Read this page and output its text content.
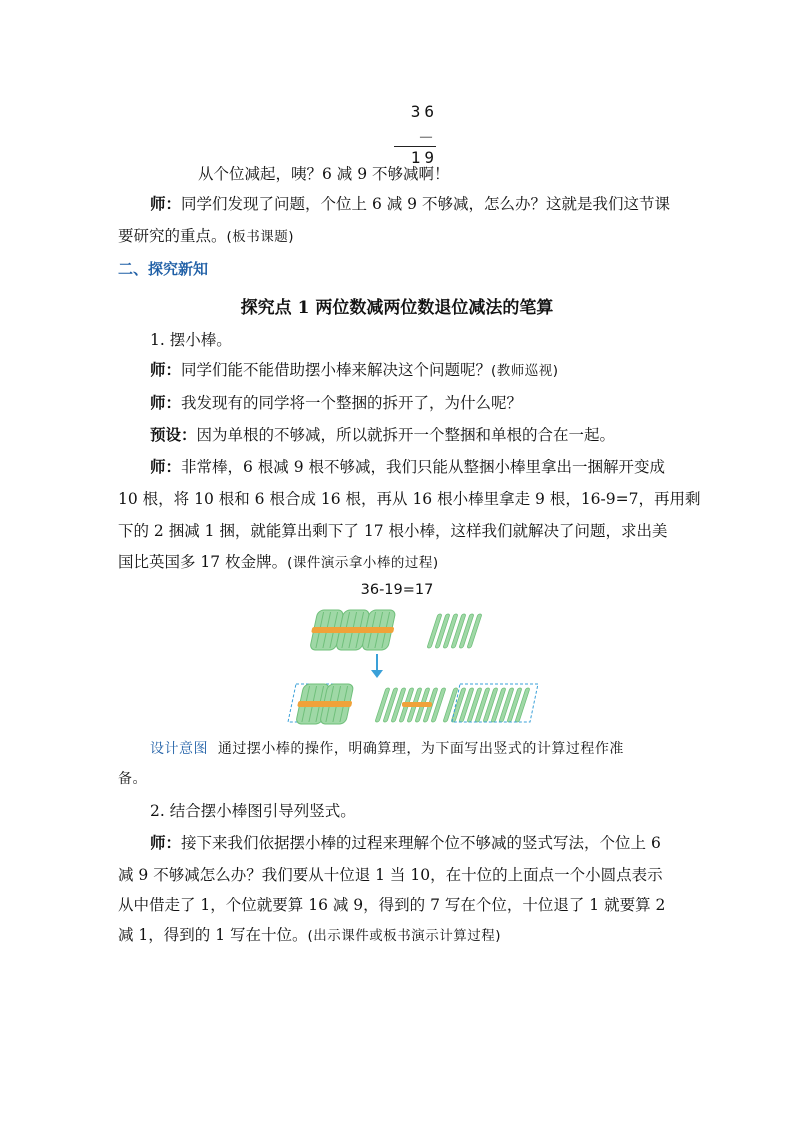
36
－19
从个位减起，咦？6 减 9 不够减啊！
师：同学们发现了问题，个位上 6 减 9 不够减，怎么办？这就是我们这节课
要研究的重点。(板书课题)
二、探究新知
探究点 1 两位数减两位数退位减法的笔算
1. 摆小棒。
师：同学们能不能借助摆小棒来解决这个问题呢？(教师巡视)
师：我发现有的同学将一个整捆的拆开了，为什么呢？
预设：因为单根的不够减，所以就拆开一个整捆和单根的合在一起。
师：非常棒，6 根减 9 根不够减，我们只能从整捆小棒里拿出一捆解开变成
10 根，将 10 根和 6 根合成 16 根，再从 16 根小棒里拿走 9 根，16-9=7，再用剩
下的 2 捆减 1 捆，就能算出剩下了 17 根小棒，这样我们就解决了问题，求出美
国比英国多 17 枚金牌。(课件演示拿小棒的过程)
36-19=17
设计意图 通过摆小棒的操作，明确算理，为下面写出竖式的计算过程作准
备。
2. 结合摆小棒图引导列竖式。
师：接下来我们依据摆小棒的过程来理解个位不够减的竖式写法，个位上 6
减 9 不够减怎么办？我们要从十位退 1 当 10，在十位的上面点一个小圆点表示
从中借走了 1，个位就要算 16 减 9，得到的 7 写在个位，十位退了 1 就要算 2
减 1，得到的 1 写在十位。(出示课件或板书演示计算过程)
